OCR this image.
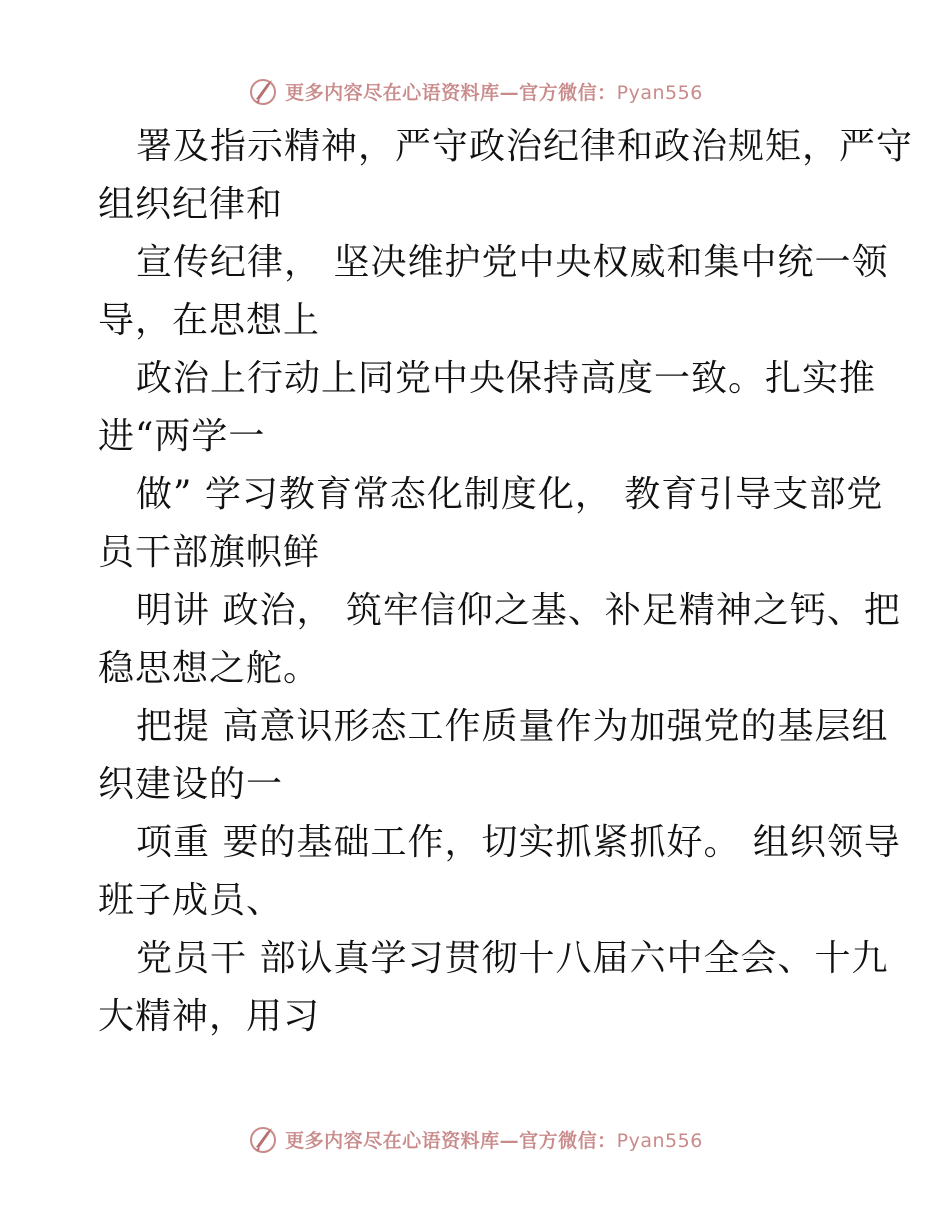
更多内容尽在心语资料库—官方微信：Pyan556
署及指示精神，严守政治纪律和政治规矩，严守
组织纪律和
宣传纪律， 坚决维护党中央权威和集中统一领
导，在思想上
政治上行动上同党中央保持高度一致。扎实推
进“两学一
做” 学习教育常态化制度化， 教育引导支部党
员干部旗帜鲜
明讲 政治， 筑牢信仰之基、补足精神之钙、把
稳思想之舵。
把提 高意识形态工作质量作为加强党的基层组
织建设的一
项重 要的基础工作，切实抓紧抓好。 组织领导
班子成员、
党员干 部认真学习贯彻十八届六中全会、十九
大精神，用习
更多内容尽在心语资料库—官方微信：Pyan556
